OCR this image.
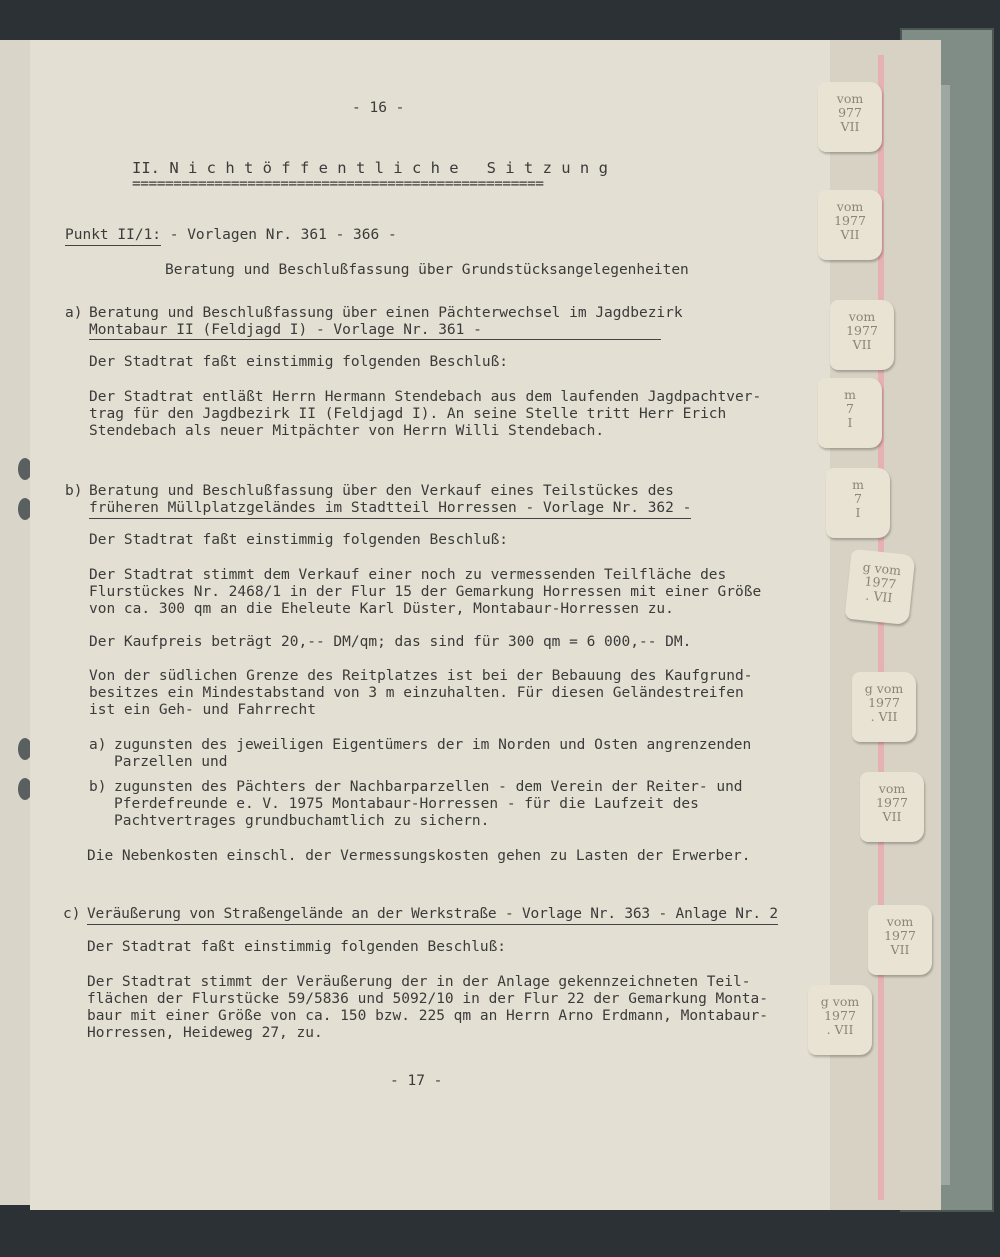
- 16 -
II. N i c h t ö f f e n t l i c h e   S i t z u n g
==================================================
Punkt II/1: - Vorlagen Nr. 361 - 366 -
Beratung und Beschlußfassung über Grundstücksangelegenheiten
a) Beratung und Beschlußfassung über einen Pächterwechsel im Jagdbezirk
Montabaur II (Feldjagd I) - Vorlage Nr. 361 -
Der Stadtrat faßt einstimmig folgenden Beschluß:
Der Stadtrat entläßt Herrn Hermann Stendebach aus dem laufenden Jagdpachtver-
trag für den Jagdbezirk II (Feldjagd I). An seine Stelle tritt Herr Erich
Stendebach als neuer Mitpächter von Herrn Willi Stendebach.
b) Beratung und Beschlußfassung über den Verkauf eines Teilstückes des
früheren Müllplatzgeländes im Stadtteil Horressen - Vorlage Nr. 362 -
Der Stadtrat faßt einstimmig folgenden Beschluß:
Der Stadtrat stimmt dem Verkauf einer noch zu vermessenden Teilfläche des
Flurstückes Nr. 2468/1 in der Flur 15 der Gemarkung Horressen mit einer Größe
von ca. 300 qm an die Eheleute Karl Düster, Montabaur-Horressen zu.
Der Kaufpreis beträgt 20,-- DM/qm; das sind für 300 qm = 6 000,-- DM.
Von der südlichen Grenze des Reitplatzes ist bei der Bebauung des Kaufgrund-
besitzes ein Mindestabstand von 3 m einzuhalten. Für diesen Geländestreifen
ist ein Geh- und Fahrrecht
a) zugunsten des jeweiligen Eigentümers der im Norden und Osten angrenzenden
Parzellen und
b) zugunsten des Pächters der Nachbarparzellen - dem Verein der Reiter- und
Pferdefreunde e. V. 1975 Montabaur-Horressen - für die Laufzeit des
Pachtvertrages grundbuchamtlich zu sichern.
Die Nebenkosten einschl. der Vermessungskosten gehen zu Lasten der Erwerber.
c) Veräußerung von Straßengelände an der Werkstraße - Vorlage Nr. 363 - Anlage Nr. 2
Der Stadtrat faßt einstimmig folgenden Beschluß:
Der Stadtrat stimmt der Veräußerung der in der Anlage gekennzeichneten Teil-
flächen der Flurstücke 59/5836 und 5092/10 in der Flur 22 der Gemarkung Monta-
baur mit einer Größe von ca. 150 bzw. 225 qm an Herrn Arno Erdmann, Montabaur-
Horressen, Heideweg 27, zu.
- 17 -
vom
977
VII
vom
1977
VII
vom
1977
VII
m
7
I
m
7
I
g vom
1977
. VII
g vom
1977
. VII
vom
1977
VII
vom
1977
VII
g vom
1977
. VII
